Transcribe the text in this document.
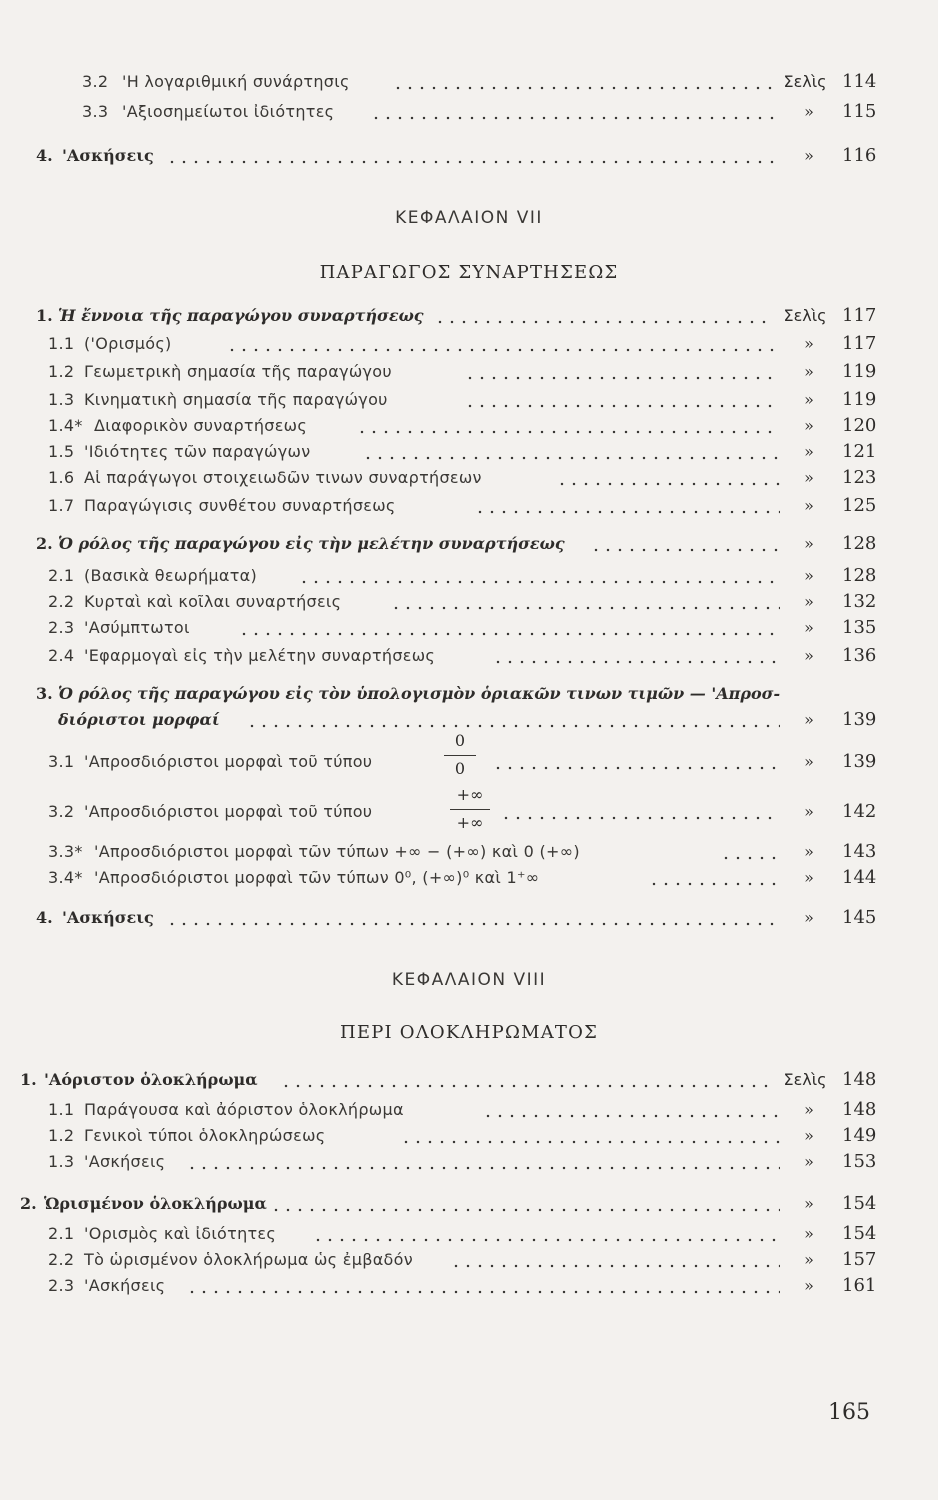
3.2 'Η λογαριθμική συνάρτησις	Σελὶς 114
3.3 'Αξιοσημείωτοι ἰδιότητες	»	115
4. 'Ασκήσεις	»	116
ΚΕΦΑΛΑΙΟΝ VII
ΠΑΡΑΓΩΓΟΣ ΣΥΝΑΡΤΗΣΕΩΣ
1. Ἡ ἔννοια τῆς παραγώγου συναρτήσεως	Σελὶς 117
1.1 ('Ορισμός)	»	117
1.2 Γεωμετρικὴ σημασία τῆς παραγώγου	»	119
1.3 Κινηματικὴ σημασία τῆς παραγώγου	»	119
1.4* Διαφορικὸν συναρτήσεως	»	120
1.5 'Ιδιότητες τῶν παραγώγων	»	121
1.6 Αἱ παράγωγοι στοιχειωδῶν τινων συναρτήσεων	»	123
1.7 Παραγώγισις συνθέτου συναρτήσεως	»	125
2. Ὁ ρόλος τῆς παραγώγου εἰς τὴν μελέτην συναρτήσεως	»	128
2.1 (Βασικὰ θεωρήματα)	»	128
2.2 Κυρταὶ καὶ κοῖλαι συναρτήσεις	»	132
2.3 'Ασύμπτωτοι	»	135
2.4 'Εφαρμογαὶ εἰς τὴν μελέτην συναρτήσεως	»	136
3. Ὁ ρόλος τῆς παραγώγου εἰς τὸν ὑπολογισμὸν ὁριακῶν τινων τιμῶν — 'Απροσ-
διόριστοι μορφαί	»	139
3.1 'Απροσδιόριστοι μορφαὶ τοῦ τύπου	»	139
0
0
3.2 'Απροσδιόριστοι μορφαὶ τοῦ τύπου	»	142
+∞
+∞
3.3* 'Απροσδιόριστοι μορφαὶ τῶν τύπων +∞ − (+∞) καὶ 0 (+∞)	»	143
3.4* 'Απροσδιόριστοι μορφαὶ τῶν τύπων 0⁰, (+∞)⁰ καὶ 1⁺∞	»	144
4. 'Ασκήσεις	»	145
ΚΕΦΑΛΑΙΟΝ VIII
ΠΕΡΙ ΟΛΟΚΛΗΡΩΜΑΤΟΣ
1. 'Αόριστον ὁλοκλήρωμα	Σελὶς 148
1.1 Παράγουσα καὶ ἀόριστον ὁλοκλήρωμα	»	148
1.2 Γενικοὶ τύποι ὁλοκληρώσεως	»	149
1.3 'Ασκήσεις	»	153
2. Ὡρισμένον ὁλοκλήρωμα	»	154
2.1 'Ορισμὸς καὶ ἰδιότητες	»	154
2.2 Τὸ ὡρισμένον ὁλοκλήρωμα ὡς ἐμβαδόν	»	157
2.3 'Ασκήσεις	»	161
165
